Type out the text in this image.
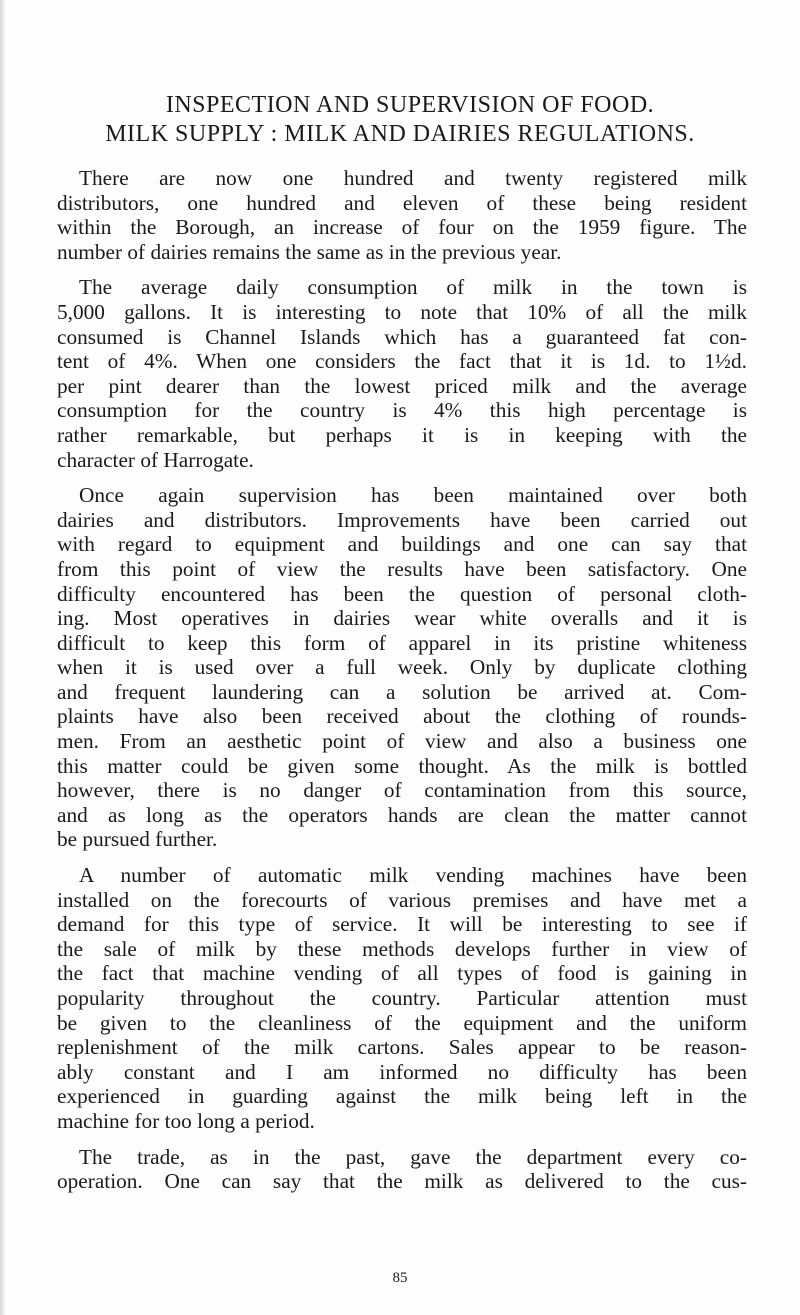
INSPECTION AND SUPERVISION OF FOOD.
MILK SUPPLY : MILK AND DAIRIES REGULATIONS.
There are now one hundred and twenty registered milk
distributors, one hundred and eleven of these being resident
within the Borough, an increase of four on the 1959 figure. The
number of dairies remains the same as in the previous year.
The average daily consumption of milk in the town is
5,000 gallons. It is interesting to note that 10% of all the milk
consumed is Channel Islands which has a guaranteed fat con-
tent of 4%. When one considers the fact that it is 1d. to 1½d.
per pint dearer than the lowest priced milk and the average
consumption for the country is 4% this high percentage is
rather remarkable, but perhaps it is in keeping with the
character of Harrogate.
Once again supervision has been maintained over both
dairies and distributors. Improvements have been carried out
with regard to equipment and buildings and one can say that
from this point of view the results have been satisfactory. One
difficulty encountered has been the question of personal cloth-
ing. Most operatives in dairies wear white overalls and it is
difficult to keep this form of apparel in its pristine whiteness
when it is used over a full week. Only by duplicate clothing
and frequent laundering can a solution be arrived at. Com-
plaints have also been received about the clothing of rounds-
men. From an aesthetic point of view and also a business one
this matter could be given some thought. As the milk is bottled
however, there is no danger of contamination from this source,
and as long as the operators hands are clean the matter cannot
be pursued further.
A number of automatic milk vending machines have been
installed on the forecourts of various premises and have met a
demand for this type of service. It will be interesting to see if
the sale of milk by these methods develops further in view of
the fact that machine vending of all types of food is gaining in
popularity throughout the country. Particular attention must
be given to the cleanliness of the equipment and the uniform
replenishment of the milk cartons. Sales appear to be reason-
ably constant and I am informed no difficulty has been
experienced in guarding against the milk being left in the
machine for too long a period.
The trade, as in the past, gave the department every co-
operation. One can say that the milk as delivered to the cus-
85
